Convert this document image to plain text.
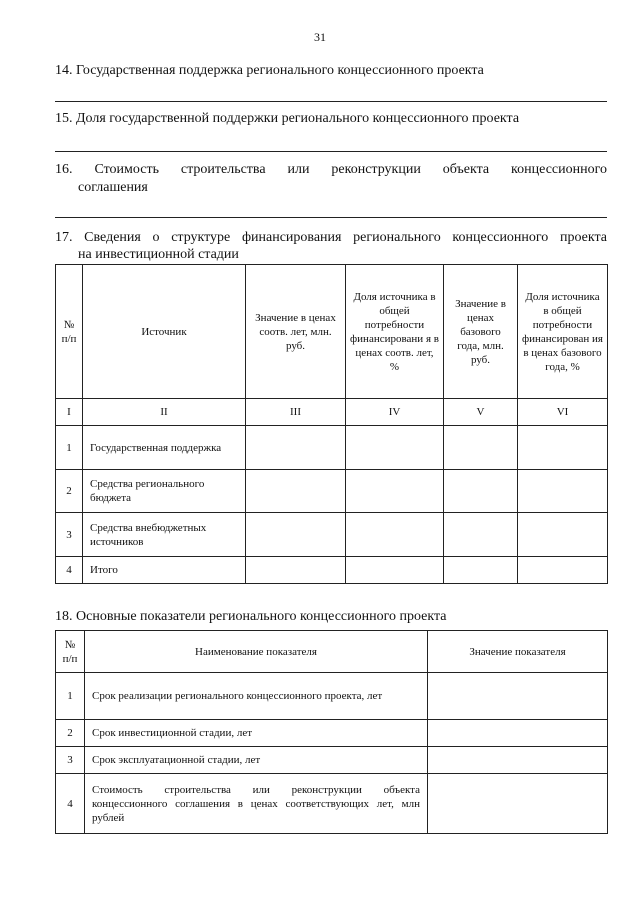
31

14. Государственная поддержка регионального концессионного проекта

15. Доля государственной поддержки регионального концессионного проекта

16. Стоимость строительства или реконструкции объекта концессионного

соглашения

17. Сведения о структуре финансирования регионального концессионного проекта

на инвестиционной стадии

№ п/п	Источник	Значение в ценах соотв. лет, млн. руб.	Доля источника в общей потребности финансировани я в ценах соотв. лет, %	Значение в ценах базового года, млн. руб.	Доля источника в общей потребности финансирован ия в ценах базового года, %
I	II	III	IV	V	VI
1	Государственная поддержка				
2	Средства регионального бюджета				
3	Средства внебюджетных источников				
4	Итого				

18. Основные показатели регионального концессионного проекта

№ п/п	Наименование показателя	Значение показателя
1	Срок реализации регионального концессионного проекта, лет	
2	Срок инвестиционной стадии, лет	
3	Срок эксплуатационной стадии, лет	
4	Стоимость строительства или реконструкции объекта концессионного соглашения в ценах соответствующих лет, млн рублей	
